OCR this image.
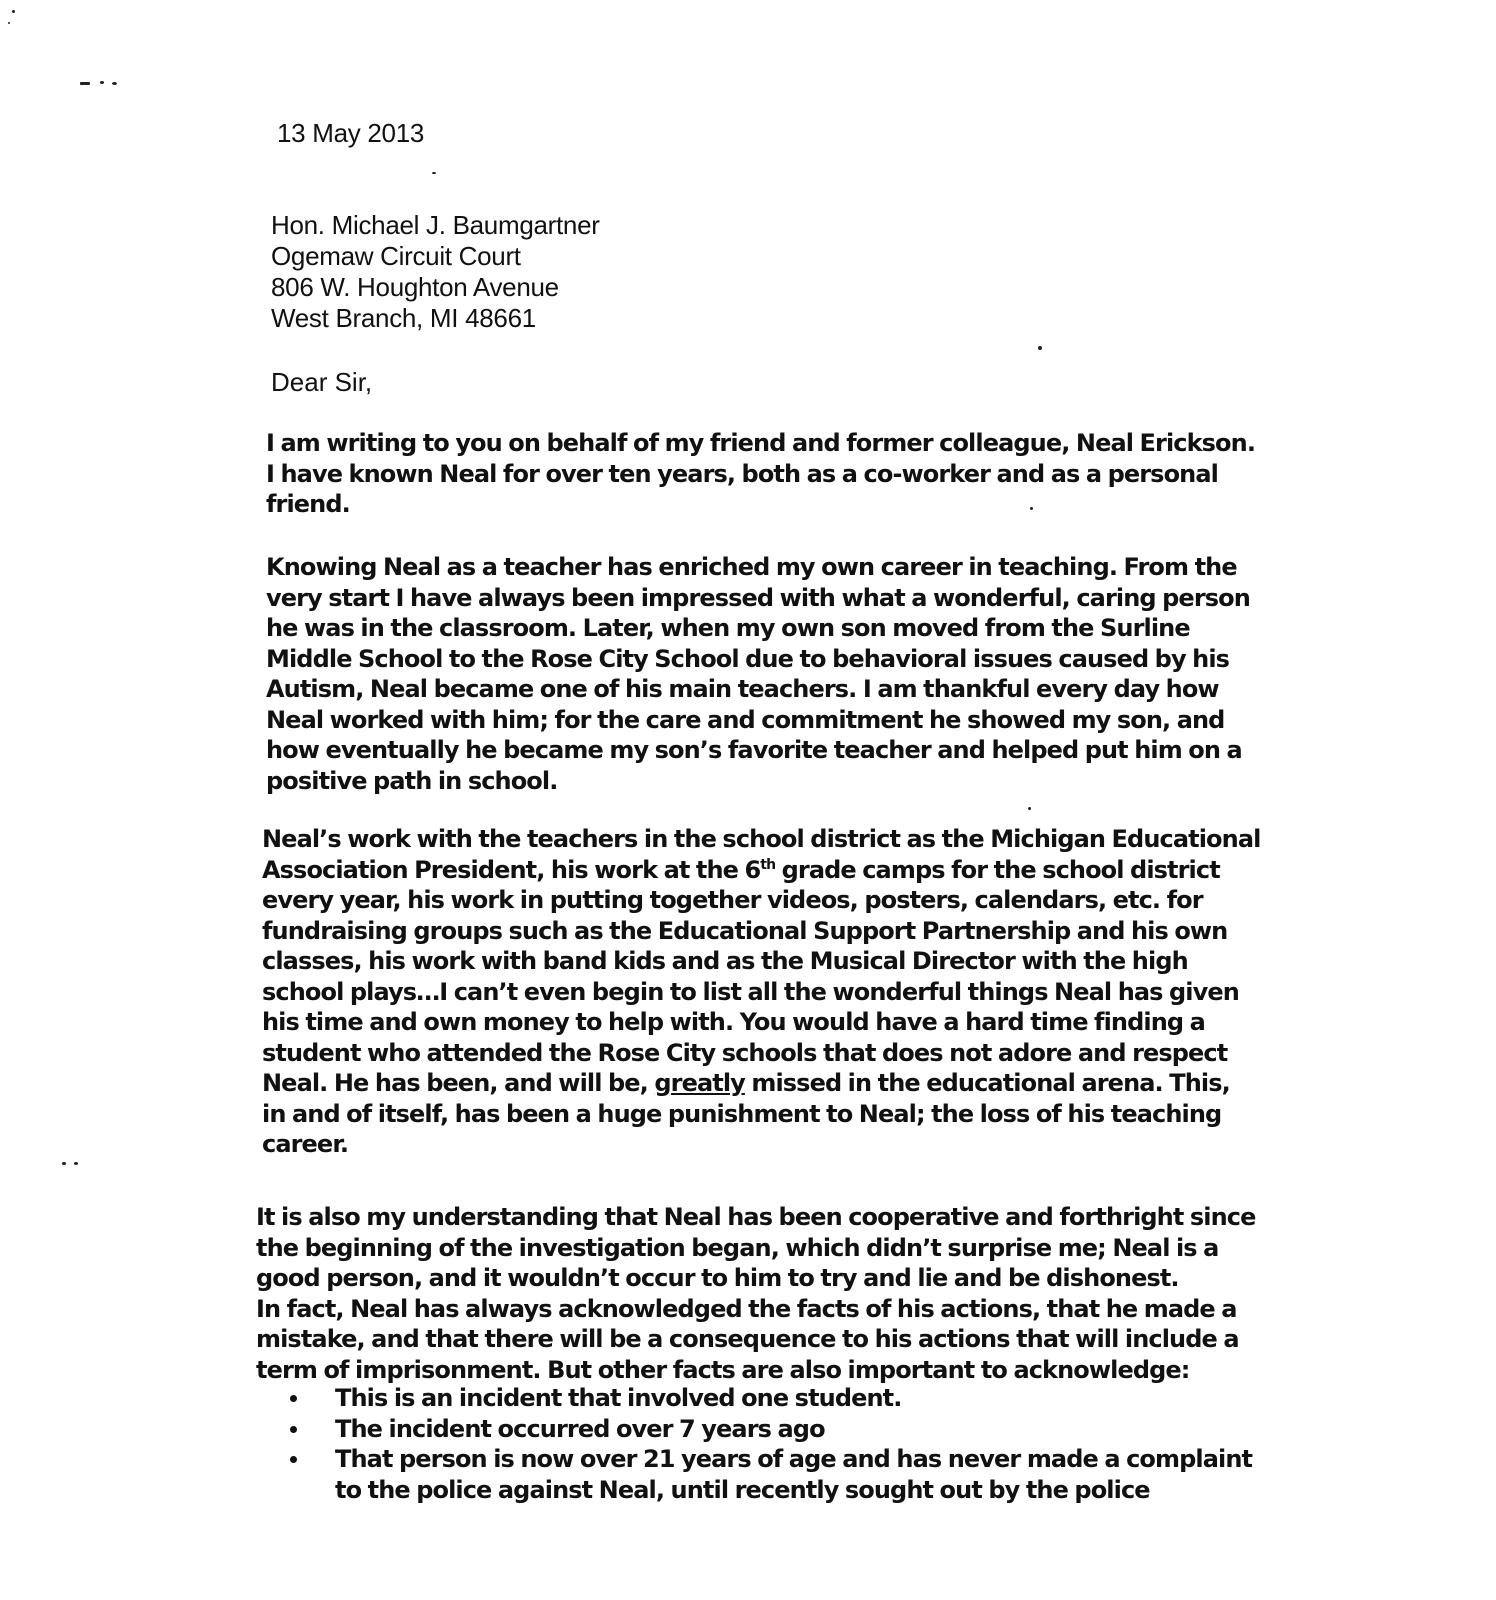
13 May 2013
Hon. Michael J. Baumgartner
Ogemaw Circuit Court
806 W. Houghton Avenue
West Branch, MI 48661
Dear Sir,
I am writing to you on behalf of my friend and former colleague, Neal Erickson.
I have known Neal for over ten years, both as a co-worker and as a personal
friend.
Knowing Neal as a teacher has enriched my own career in teaching. From the
very start I have always been impressed with what a wonderful, caring person
he was in the classroom. Later, when my own son moved from the Surline
Middle School to the Rose City School due to behavioral issues caused by his
Autism, Neal became one of his main teachers. I am thankful every day how
Neal worked with him; for the care and commitment he showed my son, and
how eventually he became my son’s favorite teacher and helped put him on a
positive path in school.
Neal’s work with the teachers in the school district as the Michigan Educational
Association President, his work at the 6th grade camps for the school district
every year, his work in putting together videos, posters, calendars, etc. for
fundraising groups such as the Educational Support Partnership and his own
classes, his work with band kids and as the Musical Director with the high
school plays…I can’t even begin to list all the wonderful things Neal has given
his time and own money to help with. You would have a hard time finding a
student who attended the Rose City schools that does not adore and respect
Neal. He has been, and will be, greatly missed in the educational arena. This,
in and of itself, has been a huge punishment to Neal; the loss of his teaching
career.
It is also my understanding that Neal has been cooperative and forthright since
the beginning of the investigation began, which didn’t surprise me; Neal is a
good person, and it wouldn’t occur to him to try and lie and be dishonest.
In fact, Neal has always acknowledged the facts of his actions, that he made a
mistake, and that there will be a consequence to his actions that will include a
term of imprisonment. But other facts are also important to acknowledge:
This is an incident that involved one student.
The incident occurred over 7 years ago
That person is now over 21 years of age and has never made a complaint
to the police against Neal, until recently sought out by the police
